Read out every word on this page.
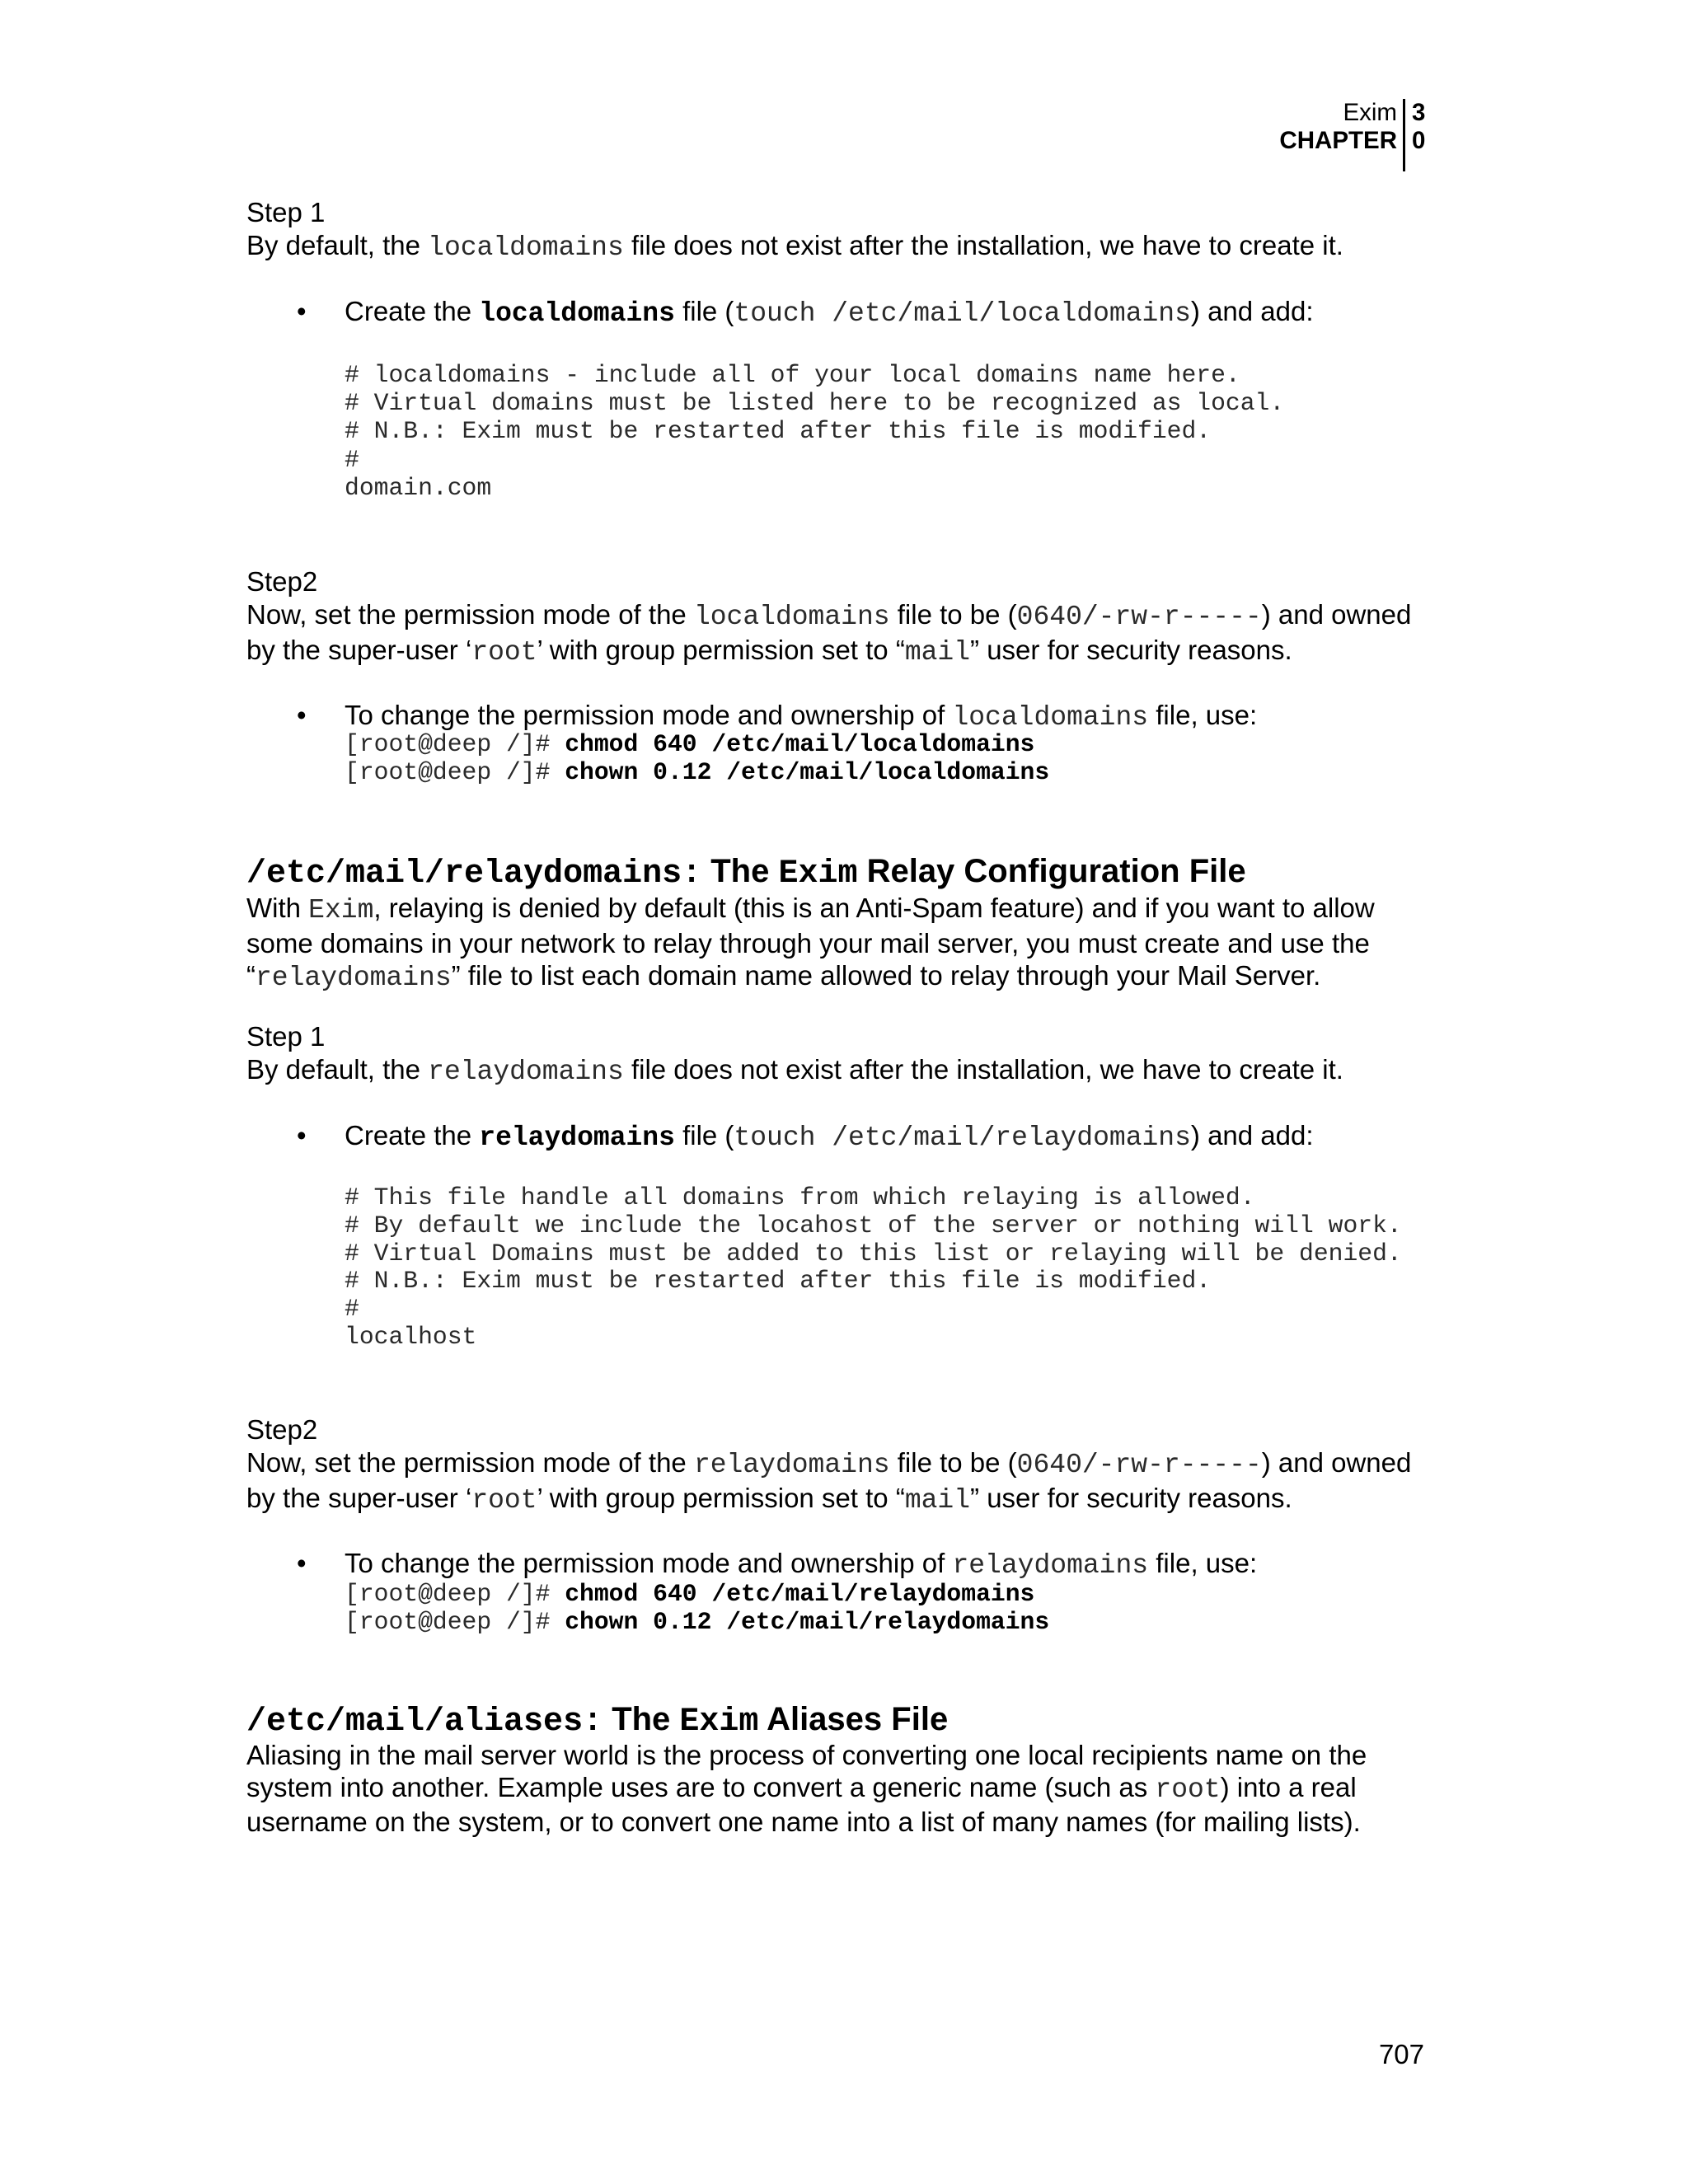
Exim
CHAPTER
3
0
Step 1
By default, the localdomains file does not exist after the installation, we have to create it.
•
Create the localdomains file (touch /etc/mail/localdomains) and add:
# localdomains - include all of your local domains name here.
# Virtual domains must be listed here to be recognized as local.
# N.B.: Exim must be restarted after this file is modified.
#
domain.com
Step2
Now, set the permission mode of the localdomains file to be (0640/-rw-r-----) and owned
by the super-user ‘root’ with group permission set to “mail” user for security reasons.
•
To change the permission mode and ownership of localdomains file, use:
[root@deep /]# chmod 640 /etc/mail/localdomains
[root@deep /]# chown 0.12 /etc/mail/localdomains
/etc/mail/relaydomains: The Exim Relay Configuration File
With Exim, relaying is denied by default (this is an Anti-Spam feature) and if you want to allow
some domains in your network to relay through your mail server, you must create and use the
“relaydomains” file to list each domain name allowed to relay through your Mail Server.
Step 1
By default, the relaydomains file does not exist after the installation, we have to create it.
•
Create the relaydomains file (touch /etc/mail/relaydomains) and add:
# This file handle all domains from which relaying is allowed.
# By default we include the locahost of the server or nothing will work.
# Virtual Domains must be added to this list or relaying will be denied.
# N.B.: Exim must be restarted after this file is modified.
#
localhost
Step2
Now, set the permission mode of the relaydomains file to be (0640/-rw-r-----) and owned
by the super-user ‘root’ with group permission set to “mail” user for security reasons.
•
To change the permission mode and ownership of relaydomains file, use:
[root@deep /]# chmod 640 /etc/mail/relaydomains
[root@deep /]# chown 0.12 /etc/mail/relaydomains
/etc/mail/aliases: The Exim Aliases File
Aliasing in the mail server world is the process of converting one local recipients name on the
system into another. Example uses are to convert a generic name (such as root) into a real
username on the system, or to convert one name into a list of many names (for mailing lists).
707
